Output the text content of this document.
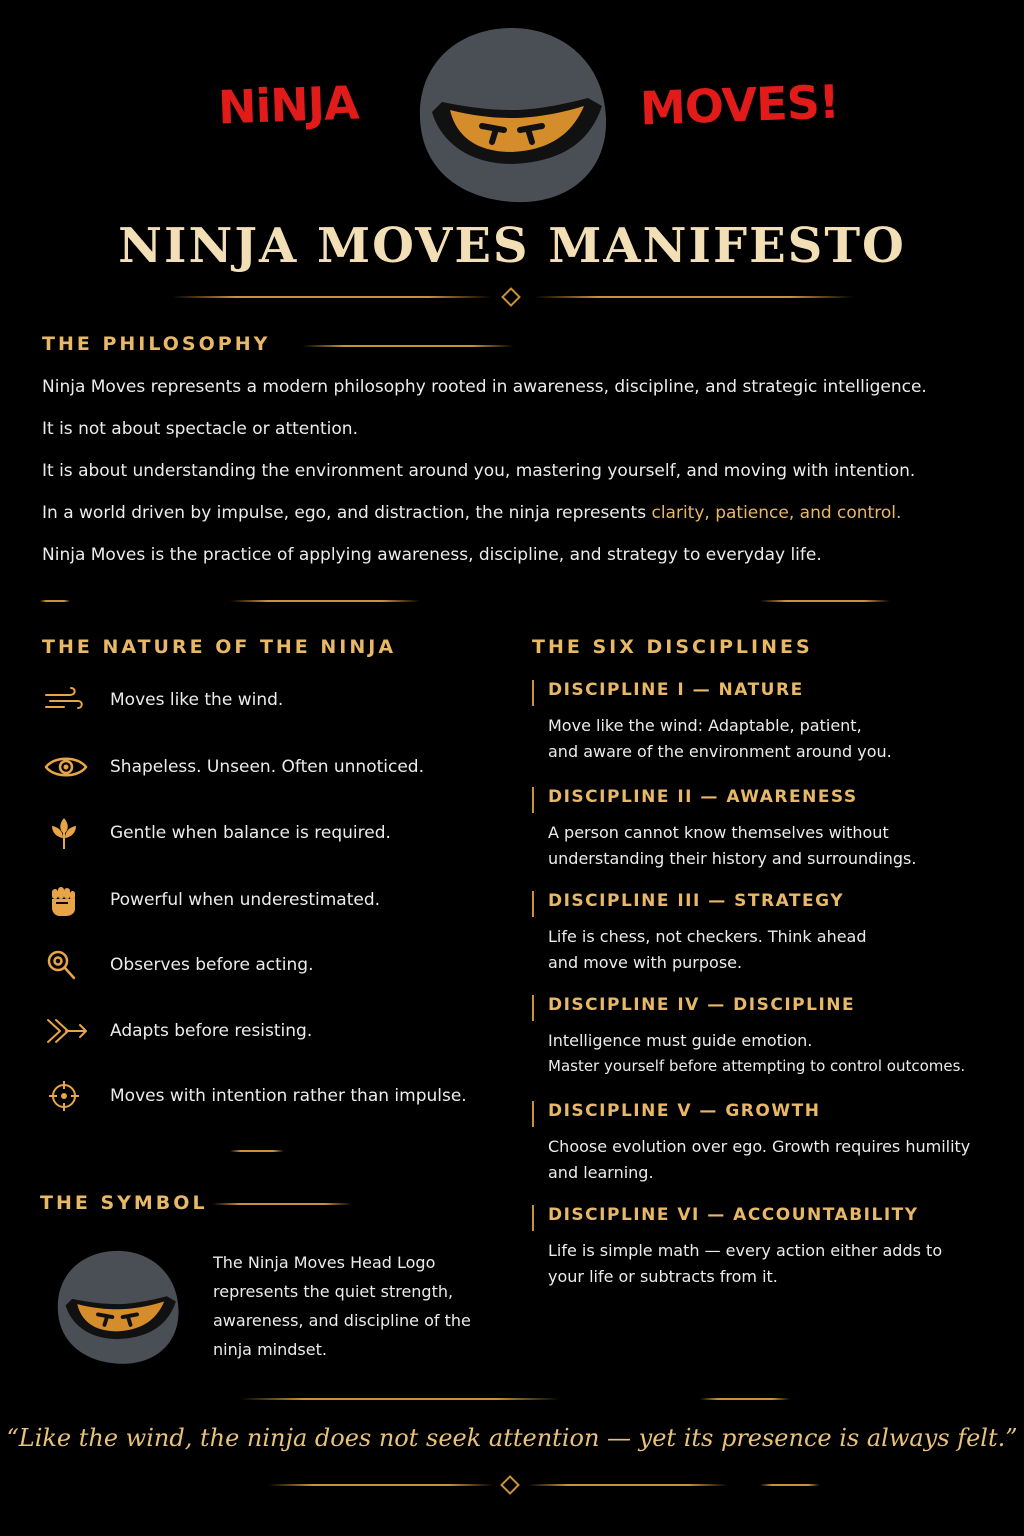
NiNJA	MOVES!
NINJA MOVES MANIFESTO
THE PHILOSOPHY
Ninja Moves represents a modern philosophy rooted in awareness, discipline, and strategic intelligence.
It is not about spectacle or attention.
It is about understanding the environment around you, mastering yourself, and moving with intention.
In a world driven by impulse, ego, and distraction, the ninja represents clarity, patience, and control.
Ninja Moves is the practice of applying awareness, discipline, and strategy to everyday life.
THE NATURE OF THE NINJA
Moves like the wind.
Shapeless. Unseen. Often unnoticed.
Gentle when balance is required.
Powerful when underestimated.
Observes before acting.
Adapts before resisting.
Moves with intention rather than impulse.
THE SYMBOL
The Ninja Moves Head Logo
represents the quiet strength,
awareness, and discipline of the
ninja mindset.
THE SIX DISCIPLINES
DISCIPLINE I — NATURE
Move like the wind: Adaptable, patient,
and aware of the environment around you.
DISCIPLINE II — AWARENESS
A person cannot know themselves without
understanding their history and surroundings.
DISCIPLINE III — STRATEGY
Life is chess, not checkers. Think ahead
and move with purpose.
DISCIPLINE IV — DISCIPLINE
Intelligence must guide emotion.
Master yourself before attempting to control outcomes.
DISCIPLINE V — GROWTH
Choose evolution over ego. Growth requires humility
and learning.
DISCIPLINE VI — ACCOUNTABILITY
Life is simple math — every action either adds to
your life or subtracts from it.
“Like the wind, the ninja does not seek attention — yet its presence is always felt.”
